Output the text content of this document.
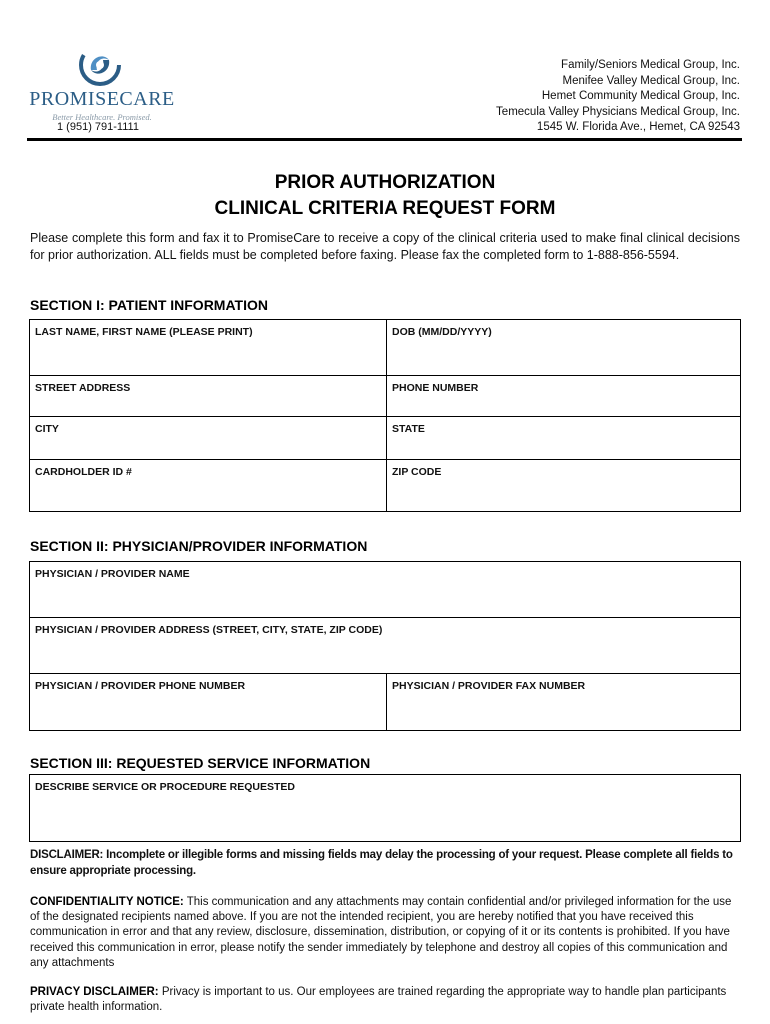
PROMISECARE
Better Healthcare. Promised.
1 (951) 791-1111
Family/Seniors Medical Group, Inc.
Menifee Valley Medical Group, Inc.
Hemet Community Medical Group, Inc.
Temecula Valley Physicians Medical Group, Inc.
1545 W. Florida Ave., Hemet, CA 92543
PRIOR AUTHORIZATION
CLINICAL CRITERIA REQUEST FORM
Please complete this form and fax it to PromiseCare to receive a copy of the clinical criteria used to make final clinical decisions for prior authorization. ALL fields must be completed before faxing. Please fax the completed form to 1-888-856-5594.
SECTION I: PATIENT INFORMATION
LAST NAME, FIRST NAME (PLEASE PRINT)	DOB (MM/DD/YYYY)
STREET ADDRESS	PHONE NUMBER
CITY	STATE
CARDHOLDER ID #	ZIP CODE
SECTION II: PHYSICIAN/PROVIDER INFORMATION
PHYSICIAN / PROVIDER NAME
PHYSICIAN / PROVIDER ADDRESS (STREET, CITY, STATE, ZIP CODE)
PHYSICIAN / PROVIDER PHONE NUMBER	PHYSICIAN / PROVIDER FAX NUMBER
SECTION III: REQUESTED SERVICE INFORMATION
DESCRIBE SERVICE OR PROCEDURE REQUESTED
DISCLAIMER: Incomplete or illegible forms and missing fields may delay the processing of your request. Please complete all fields to ensure appropriate processing.
CONFIDENTIALITY NOTICE: This communication and any attachments may contain confidential and/or privileged information for the use of the designated recipients named above. If you are not the intended recipient, you are hereby notified that you have received this communication in error and that any review, disclosure, dissemination, distribution, or copying of it or its contents is prohibited. If you have received this communication in error, please notify the sender immediately by telephone and destroy all copies of this communication and any attachments
PRIVACY DISCLAIMER: Privacy is important to us. Our employees are trained regarding the appropriate way to handle plan participants private health information.
